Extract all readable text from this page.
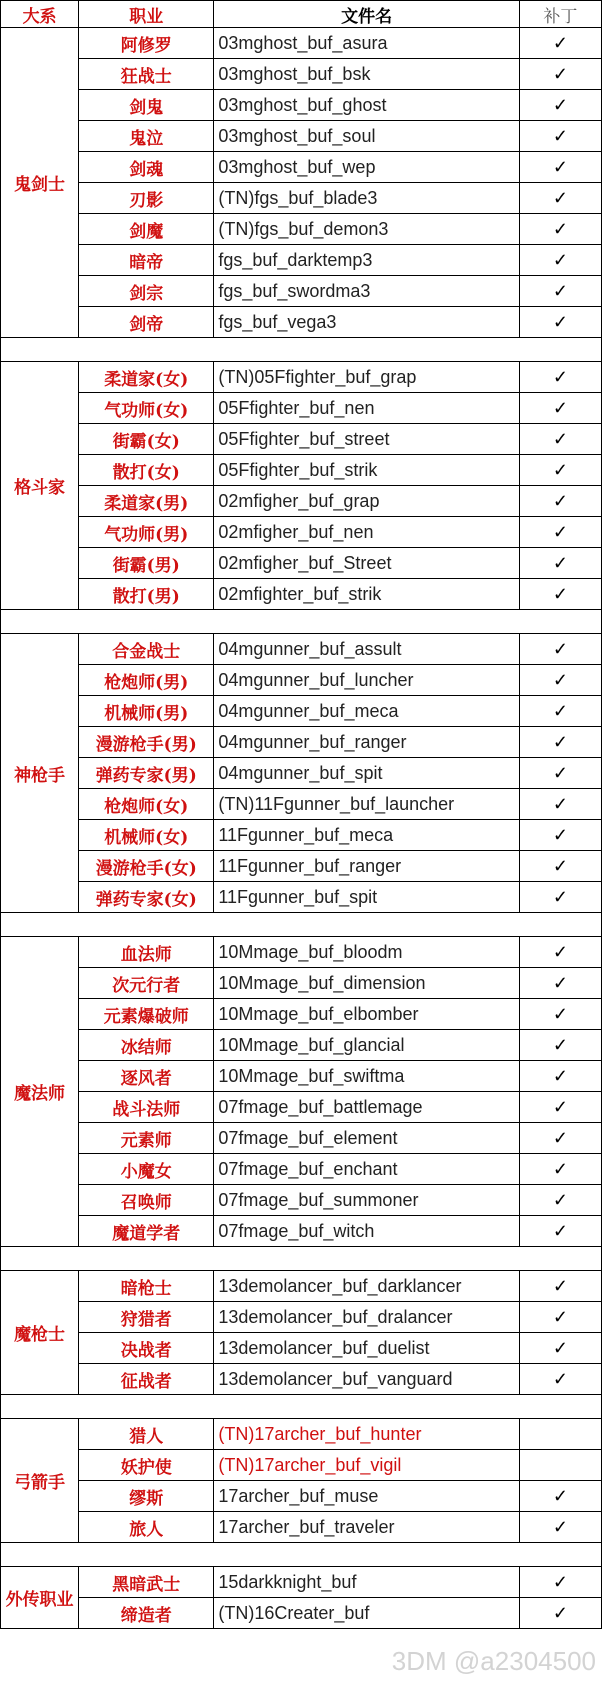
大系	职业	文件名	补丁
鬼剑士	阿修罗	03mghost_buf_asura	✓
	狂战士	03mghost_buf_bsk	✓
	剑鬼	03mghost_buf_ghost	✓
	鬼泣	03mghost_buf_soul	✓
	剑魂	03mghost_buf_wep	✓
	刃影	(TN)fgs_buf_blade3	✓
	剑魔	(TN)fgs_buf_demon3	✓
	暗帝	fgs_buf_darktemp3	✓
	剑宗	fgs_buf_swordma3	✓
	剑帝	fgs_buf_vega3	✓

格斗家	柔道家(女)	(TN)05Ffighter_buf_grap	✓
	气功师(女)	05Ffighter_buf_nen	✓
	街霸(女)	05Ffighter_buf_street	✓
	散打(女)	05Ffighter_buf_strik	✓
	柔道家(男)	02mfigher_buf_grap	✓
	气功师(男)	02mfigher_buf_nen	✓
	街霸(男)	02mfigher_buf_Street	✓
	散打(男)	02mfighter_buf_strik	✓

神枪手	合金战士	04mgunner_buf_assult	✓
	枪炮师(男)	04mgunner_buf_luncher	✓
	机械师(男)	04mgunner_buf_meca	✓
	漫游枪手(男)	04mgunner_buf_ranger	✓
	弹药专家(男)	04mgunner_buf_spit	✓
	枪炮师(女)	(TN)11Fgunner_buf_launcher	✓
	机械师(女)	11Fgunner_buf_meca	✓
	漫游枪手(女)	11Fgunner_buf_ranger	✓
	弹药专家(女)	11Fgunner_buf_spit	✓

魔法师	血法师	10Mmage_buf_bloodm	✓
	次元行者	10Mmage_buf_dimension	✓
	元素爆破师	10Mmage_buf_elbomber	✓
	冰结师	10Mmage_buf_glancial	✓
	逐风者	10Mmage_buf_swiftma	✓
	战斗法师	07fmage_buf_battlemage	✓
	元素师	07fmage_buf_element	✓
	小魔女	07fmage_buf_enchant	✓
	召唤师	07fmage_buf_summoner	✓
	魔道学者	07fmage_buf_witch	✓

魔枪士	暗枪士	13demolancer_buf_darklancer	✓
	狩猎者	13demolancer_buf_dralancer	✓
	决战者	13demolancer_buf_duelist	✓
	征战者	13demolancer_buf_vanguard	✓

弓箭手	猎人	(TN)17archer_buf_hunter	
	妖护使	(TN)17archer_buf_vigil	
	缪斯	17archer_buf_muse	✓
	旅人	17archer_buf_traveler	✓

外传职业	黑暗武士	15darkknight_buf	✓
	缔造者	(TN)16Creater_buf	✓
3DM @a2304500
